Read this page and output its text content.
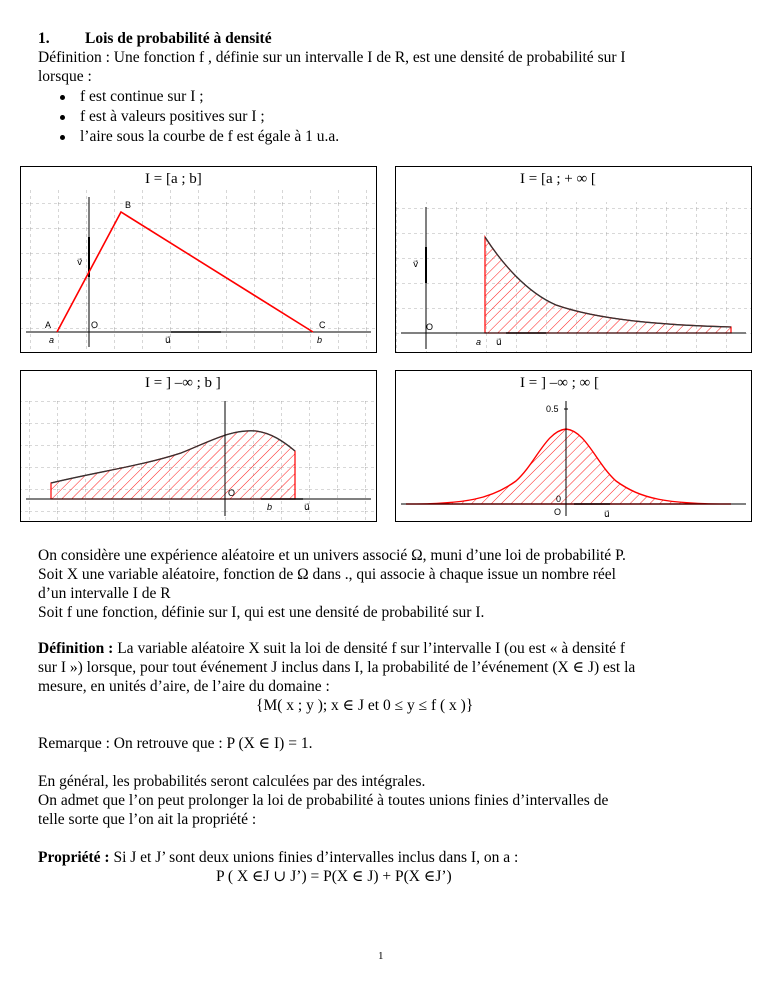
1. Lois de probabilité à densité
Définition : Une fonction f , définie sur un intervalle I de R, est une densité de probabilité sur I
lorsque :
f est continue sur I ;
f est à valeurs positives sur I ;
l’aire sous la courbe de f est égale à 1 u.a.
I = [a ; b]
B
A	O	C
a	b
u⃗
v⃗
I = [a ; + ∞ [
O
a u⃗
v⃗
I = ] –∞ ; b ]
O
b	u⃗
I = ] –∞ ; ∞ [
0.5
0
O	u⃗
On considère une expérience aléatoire et un univers associé Ω, muni d’une loi de probabilité P.
Soit X une variable aléatoire, fonction de Ω dans ., qui associe à chaque issue un nombre réel
d’un intervalle I de R
Soit f une fonction, définie sur I, qui est une densité de probabilité sur I.
Définition : La variable aléatoire X suit la loi de densité f sur l’intervalle I (ou est « à densité f
sur I ») lorsque, pour tout événement J inclus dans I, la probabilité de l’événement (X ∈ J) est la
mesure, en unités d’aire, de l’aire du domaine :
{M( x ; y ); x ∈ J et 0 ≤ y ≤ f ( x )}
Remarque : On retrouve que : P (X ∈ I) = 1.
En général, les probabilités seront calculées par des intégrales.
On admet que l’on peut prolonger la loi de probabilité à toutes unions finies d’intervalles de
telle sorte que l’on ait la propriété :
Propriété : Si J et J’ sont deux unions finies d’intervalles inclus dans I, on a :
P ( X ∈J ∪ J’) = P(X ∈ J) + P(X ∈J’)
1
